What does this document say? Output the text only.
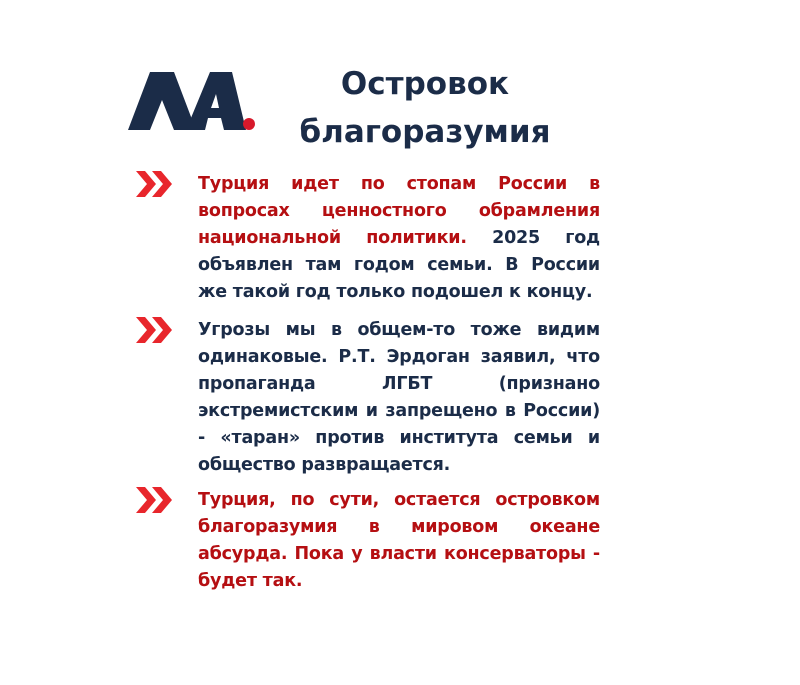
Островок
благоразумия

Турция идет по стопам России в вопросах ценностного обрамления национальной политики. 2025 год объявлен там годом семьи. В России же такой год только подошел к концу.

Угрозы мы в общем-то тоже видим одинаковые. Р.Т. Эрдоган заявил, что пропаганда ЛГБТ (признано экстремистским и запрещено в России) - «таран» против института семьи и общество развращается.

Турция, по сути, остается островком благоразумия в мировом океане абсурда. Пока у власти консерваторы - будет так.
